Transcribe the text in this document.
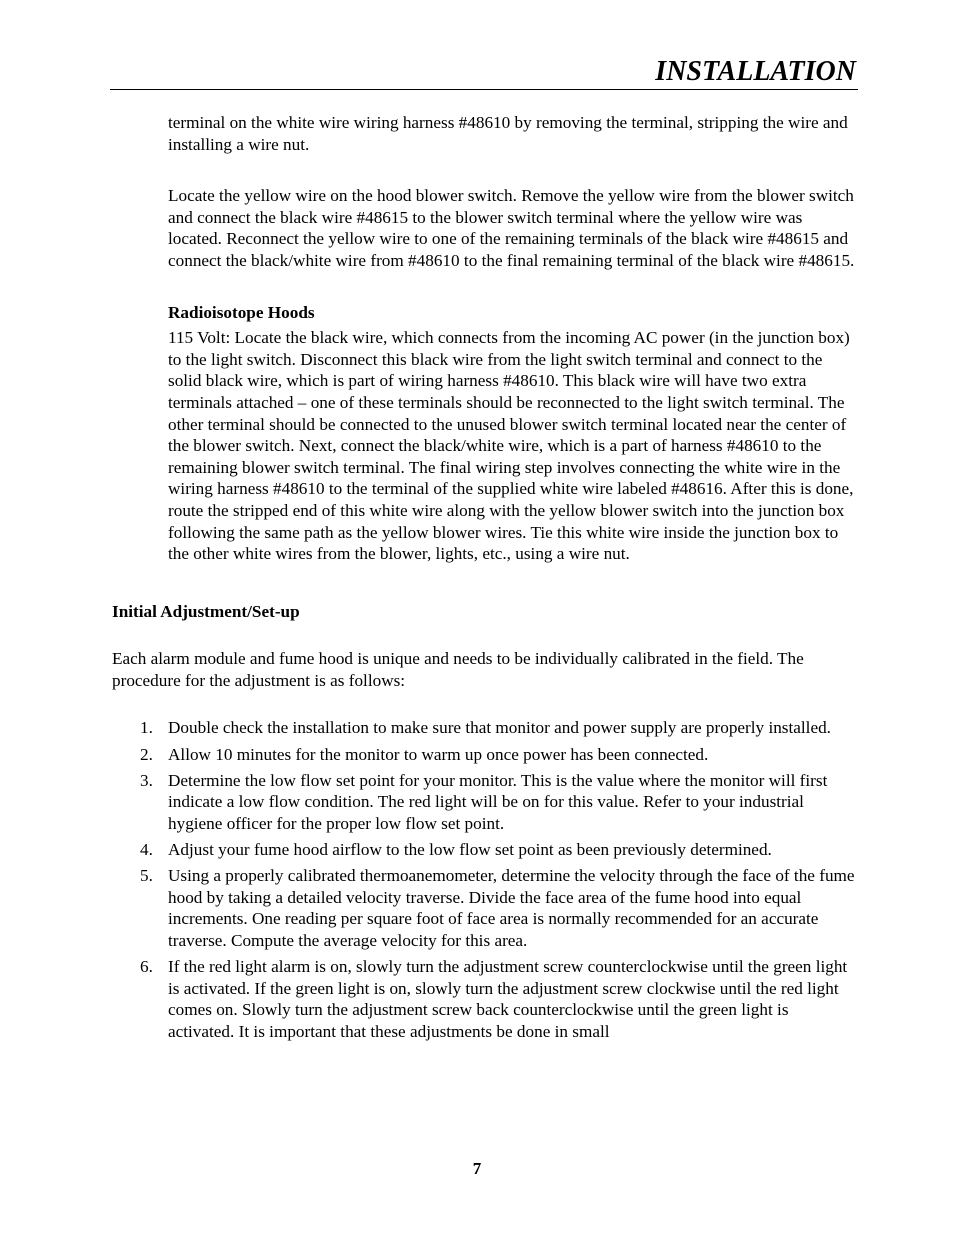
INSTALLATION

terminal on the white wire wiring harness #48610 by removing the terminal, stripping the wire and installing a wire nut.

Locate the yellow wire on the hood blower switch. Remove the yellow wire from the blower switch and connect the black wire #48615 to the blower switch terminal where the yellow wire was located. Reconnect the yellow wire to one of the remaining terminals of the black wire #48615 and connect the black/white wire from #48610 to the final remaining terminal of the black wire #48615.

Radioisotope Hoods

115 Volt: Locate the black wire, which connects from the incoming AC power (in the junction box) to the light switch. Disconnect this black wire from the light switch terminal and connect to the solid black wire, which is part of wiring harness #48610. This black wire will have two extra terminals attached – one of these terminals should be reconnected to the light switch terminal. The other terminal should be connected to the unused blower switch terminal located near the center of the blower switch. Next, connect the black/white wire, which is a part of harness #48610 to the remaining blower switch terminal. The final wiring step involves connecting the white wire in the wiring harness #48610 to the terminal of the supplied white wire labeled #48616. After this is done, route the stripped end of this white wire along with the yellow blower switch into the junction box following the same path as the yellow blower wires. Tie this white wire inside the junction box to the other white wires from the blower, lights, etc., using a wire nut.

Initial Adjustment/Set-up

Each alarm module and fume hood is unique and needs to be individually calibrated in the field. The procedure for the adjustment is as follows:

1. Double check the installation to make sure that monitor and power supply are properly installed.
2. Allow 10 minutes for the monitor to warm up once power has been connected.
3. Determine the low flow set point for your monitor. This is the value where the monitor will first indicate a low flow condition. The red light will be on for this value. Refer to your industrial hygiene officer for the proper low flow set point.
4. Adjust your fume hood airflow to the low flow set point as been previously determined.
5. Using a properly calibrated thermoanemometer, determine the velocity through the face of the fume hood by taking a detailed velocity traverse. Divide the face area of the fume hood into equal increments. One reading per square foot of face area is normally recommended for an accurate traverse. Compute the average velocity for this area.
6. If the red light alarm is on, slowly turn the adjustment screw counterclockwise until the green light is activated. If the green light is on, slowly turn the adjustment screw clockwise until the red light comes on. Slowly turn the adjustment screw back counterclockwise until the green light is activated. It is important that these adjustments be done in small
7
